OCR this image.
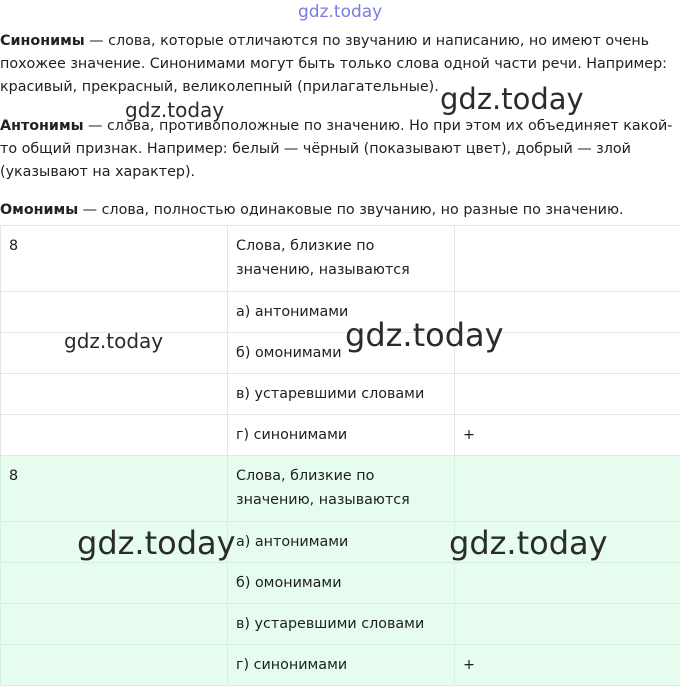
gdz.today

Синонимы — слова, которые отличаются по звучанию и написанию, но имеют очень похожее значение. Синонимами могут быть только слова одной части речи. Например: красивый, прекрасный, великолепный (прилагательные).

Антонимы — слова, противоположные по значению. Но при этом их объединяет какой-то общий признак. Например: белый — чёрный (показывают цвет), добрый — злой (указывают на характер).

Омонимы — слова, полностью одинаковые по звучанию, но разные по значению.

8	Слова, близкие по значению, называются	
	а) антонимами	
	б) омонимами	
	в) устаревшими словами	
	г) синонимами	+
8	Слова, близкие по значению, называются	
	а) антонимами	
	б) омонимами	
	в) устаревшими словами	
	г) синонимами	+
gdz.today
gdz.today
gdz.today	gdz.today
gdz.today	gdz.today
